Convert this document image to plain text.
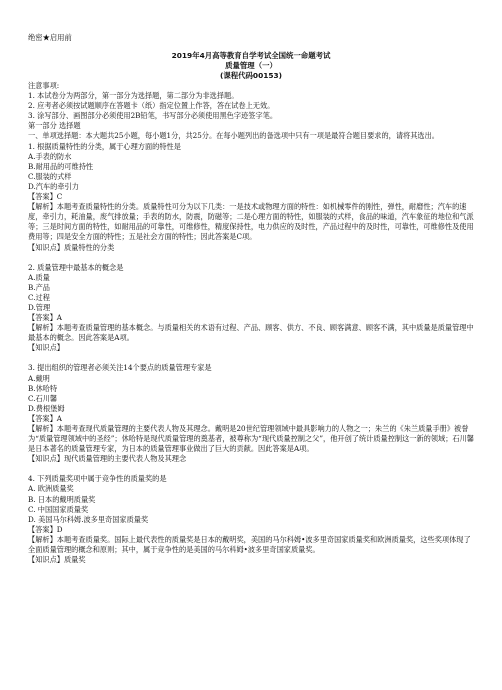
绝密★启用前
2019年4月高等教育自学考试全国统一命题考试
质量管理（一）
(课程代码00153)

注意事项:

1. 本试卷分为两部分，第一部分为选择题，第二部分为非选择题。

2. 应考者必须按试题顺序在答题卡（纸）指定位置上作答，答在试卷上无效。

3. 涂写部分、画图部分必须使用2B铅笔，书写部分必须使用黑色字迹签字笔。

第一部分 选择题

一、单项选择题：本大题共25小题，每小题1分，共25分。在每小题列出的备选项中只有一项是最符合题目要求的，请将其选出。

1. 根据质量特性的分类，属于心理方面的特性是

A.手表的防水
B.耐用品的可维持性
C.服装的式样
D.汽车的牵引力

【答案】C

【解析】本题考查质量特性的分类。质量特性可分为以下几类：一是技术或物理方面的特性：如机械零件的刚性，弹性，耐磨性；汽车的速度，牵引力，耗油量，废气排放量；手表的防水，防震，防磁等；二是心理方面的特性，如服装的式样，食品的味道，汽车象征的地位和气派等；三是时间方面的特性，如耐用品的可靠性，可维修性，精度保持性，电力供应的及时性，产品过程中的及时性，可靠性，可维修性及使用费用等；四是安全方面的特性；五是社会方面的特性；因此答案是C项。

【知识点】质量特性的分类

2. 质量管理中最基本的概念是

A.质量
B.产品
C.过程
D.管理

【答案】A

【解析】本题考查质量管理的基本概念。与质量相关的术语有过程、产品、顾客、供方、不良、顾客满意、顾客不满，其中质量是质量管理中最基本的概念。因此答案是A项。

【知识点】

3. 提出组织的管理者必须关注14个要点的质量管理专家是

A.戴明
B.休哈特
C.石川馨
D.费根堡姆

【答案】A

【解析】本题考查现代质量管理的主要代表人物及其理念。戴明是20世纪管理领域中最具影响力的人物之一；朱兰的《朱兰质量手册》被誉为“质量管理领域中的圣经”；休哈特是现代质量管理的奠基者，被尊称为“现代质量控制之父”，他开创了统计质量控制这一新的领域；石川馨是日本著名的质量管理专家，为日本的质量管理事业做出了巨大的贡献。因此答案是A项。

【知识点】现代质量管理的主要代表人物及其理念

4. 下列质量奖项中属于竞争性的质量奖的是

A. 欧洲质量奖
B. 日本的戴明质量奖
C. 中国国家质量奖
D. 美国马尔科姆.波多里奇国家质量奖

【答案】D

【解析】本题考查质量奖。国际上最代表性的质量奖是日本的戴明奖，美国的马尔科姆•波多里奇国家质量奖和欧洲质量奖，这些奖项体现了全面质量管理的概念和原则；其中，属于竞争性的是美国的马尔科姆•波多里奇国家质量奖。

【知识点】质量奖
